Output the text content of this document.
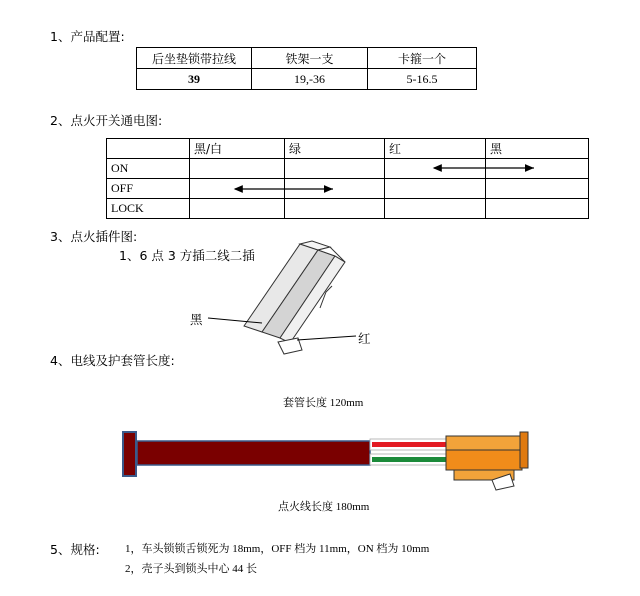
1、产品配置:
后坐垫锁带拉线	铁架一支	卡箍一个
39	19,-36	5-16.5
2、点火开关通电图:
	黑/白	绿	红	黑
ON				
OFF				
LOCK				
3、点火插件图:
1、6 点 3 方插二线二插
黑
红
4、电线及护套管长度:
套管长度 120mm
点火线长度 180mm
5、规格: 1，车头锁锁舌锁死为 18mm，OFF 档为 11mm，ON 档为 10mm
2，壳子头到锁头中心 44 长
